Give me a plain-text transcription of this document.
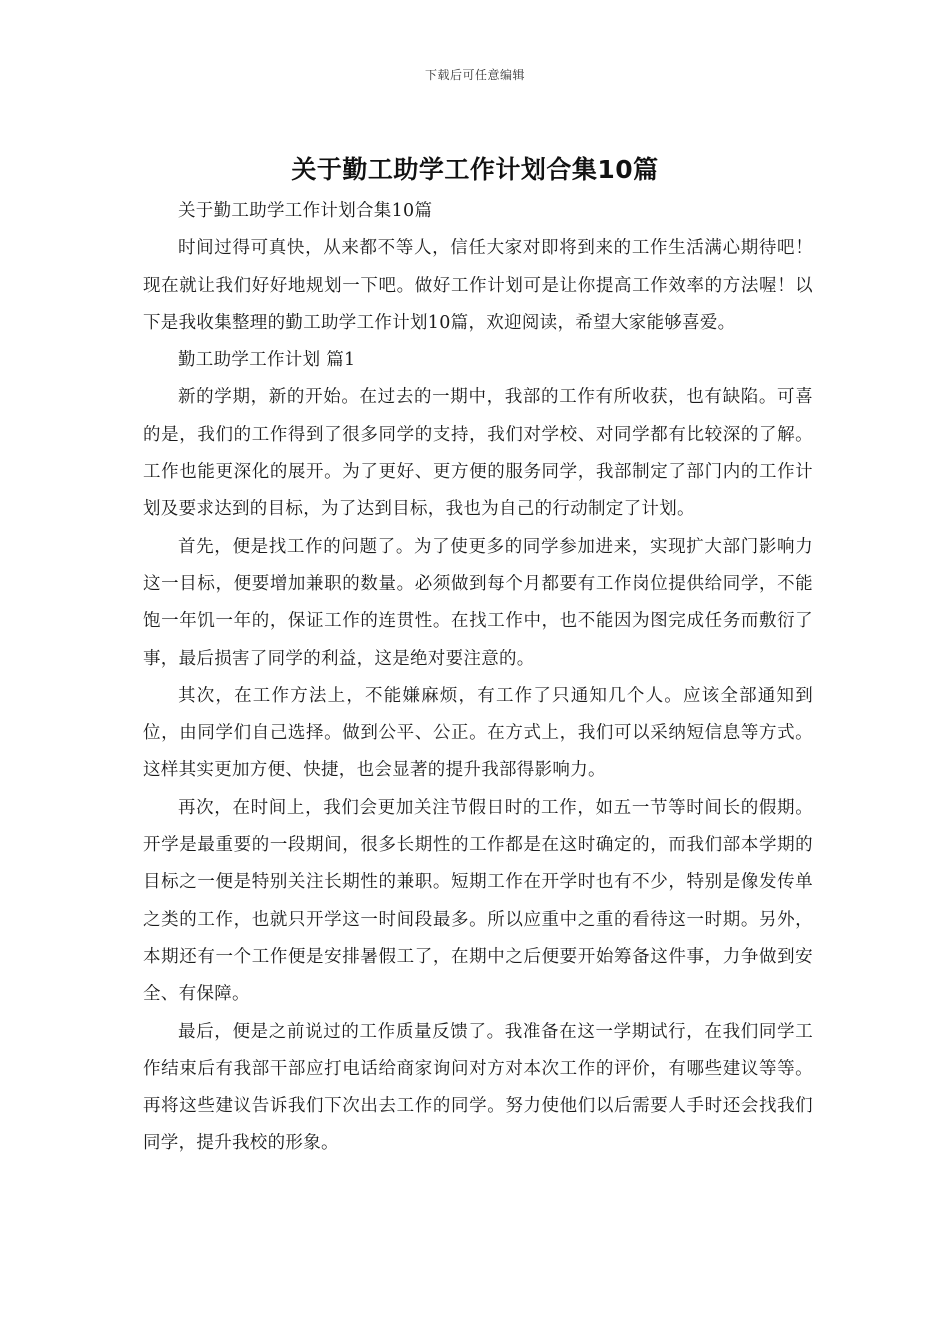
下载后可任意编辑
关于勤工助学工作计划合集10篇

关于勤工助学工作计划合集10篇

时间过得可真快，从来都不等人，信任大家对即将到来的工作生活满心期待吧！现在就让我们好好地规划一下吧。做好工作计划可是让你提高工作效率的方法喔！以下是我收集整理的勤工助学工作计划10篇，欢迎阅读，希望大家能够喜爱。

勤工助学工作计划 篇1

新的学期，新的开始。在过去的一期中，我部的工作有所收获，也有缺陷。可喜的是，我们的工作得到了很多同学的支持，我们对学校、对同学都有比较深的了解。工作也能更深化的展开。为了更好、更方便的服务同学，我部制定了部门内的工作计划及要求达到的目标，为了达到目标，我也为自己的行动制定了计划。

首先，便是找工作的问题了。为了使更多的同学参加进来，实现扩大部门影响力这一目标，便要增加兼职的数量。必须做到每个月都要有工作岗位提供给同学，不能饱一年饥一年的，保证工作的连贯性。在找工作中，也不能因为图完成任务而敷衍了事，最后损害了同学的利益，这是绝对要注意的。

其次，在工作方法上，不能嫌麻烦，有工作了只通知几个人。应该全部通知到位，由同学们自己选择。做到公平、公正。在方式上，我们可以采纳短信息等方式。这样其实更加方便、快捷，也会显著的提升我部得影响力。

再次，在时间上，我们会更加关注节假日时的工作，如五一节等时间长的假期。开学是最重要的一段期间，很多长期性的工作都是在这时确定的，而我们部本学期的目标之一便是特别关注长期性的兼职。短期工作在开学时也有不少，特别是像发传单之类的工作，也就只开学这一时间段最多。所以应重中之重的看待这一时期。另外，本期还有一个工作便是安排暑假工了，在期中之后便要开始筹备这件事，力争做到安全、有保障。

最后，便是之前说过的工作质量反馈了。我准备在这一学期试行，在我们同学工作结束后有我部干部应打电话给商家询问对方对本次工作的评价，有哪些建议等等。再将这些建议告诉我们下次出去工作的同学。努力使他们以后需要人手时还会找我们同学，提升我校的形象。
